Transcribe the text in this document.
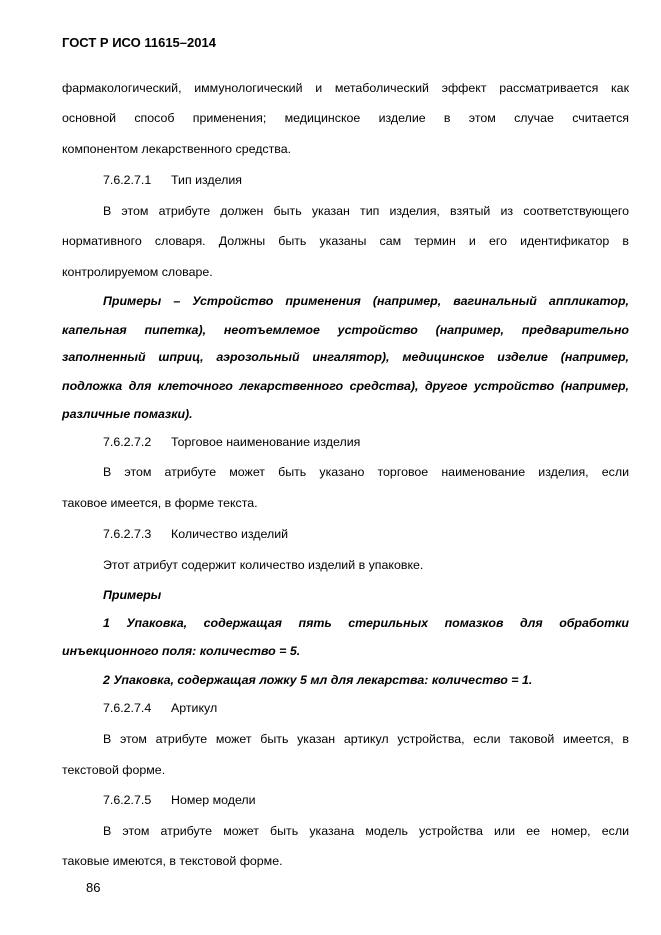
ГОСТ Р ИСО 11615–2014
фармакологический, иммунологический и метаболический эффект рассматривается как
основной способ применения; медицинское изделие в этом случае считается
компонентом лекарственного средства.
7.6.2.7.1 Тип изделия
В этом атрибуте должен быть указан тип изделия, взятый из соответствующего
нормативного словаря. Должны быть указаны сам термин и его идентификатор в
контролируемом словаре.
Примеры – Устройство применения (например, вагинальный аппликатор,
капельная пипетка), неотъемлемое устройство (например, предварительно
заполненный шприц, аэрозольный ингалятор), медицинское изделие (например,
подложка для клеточного лекарственного средства), другое устройство (например,
различные помазки).
7.6.2.7.2 Торговое наименование изделия
В этом атрибуте может быть указано торговое наименование изделия, если
таковое имеется, в форме текста.
7.6.2.7.3 Количество изделий
Этот атрибут содержит количество изделий в упаковке.
Примеры
1 Упаковка, содержащая пять стерильных помазков для обработки
инъекционного поля: количество = 5.
2 Упаковка, содержащая ложку 5 мл для лекарства: количество = 1.
7.6.2.7.4 Артикул
В этом атрибуте может быть указан артикул устройства, если таковой имеется, в
текстовой форме.
7.6.2.7.5 Номер модели
В этом атрибуте может быть указана модель устройства или ее номер, если
таковые имеются, в текстовой форме.
86
